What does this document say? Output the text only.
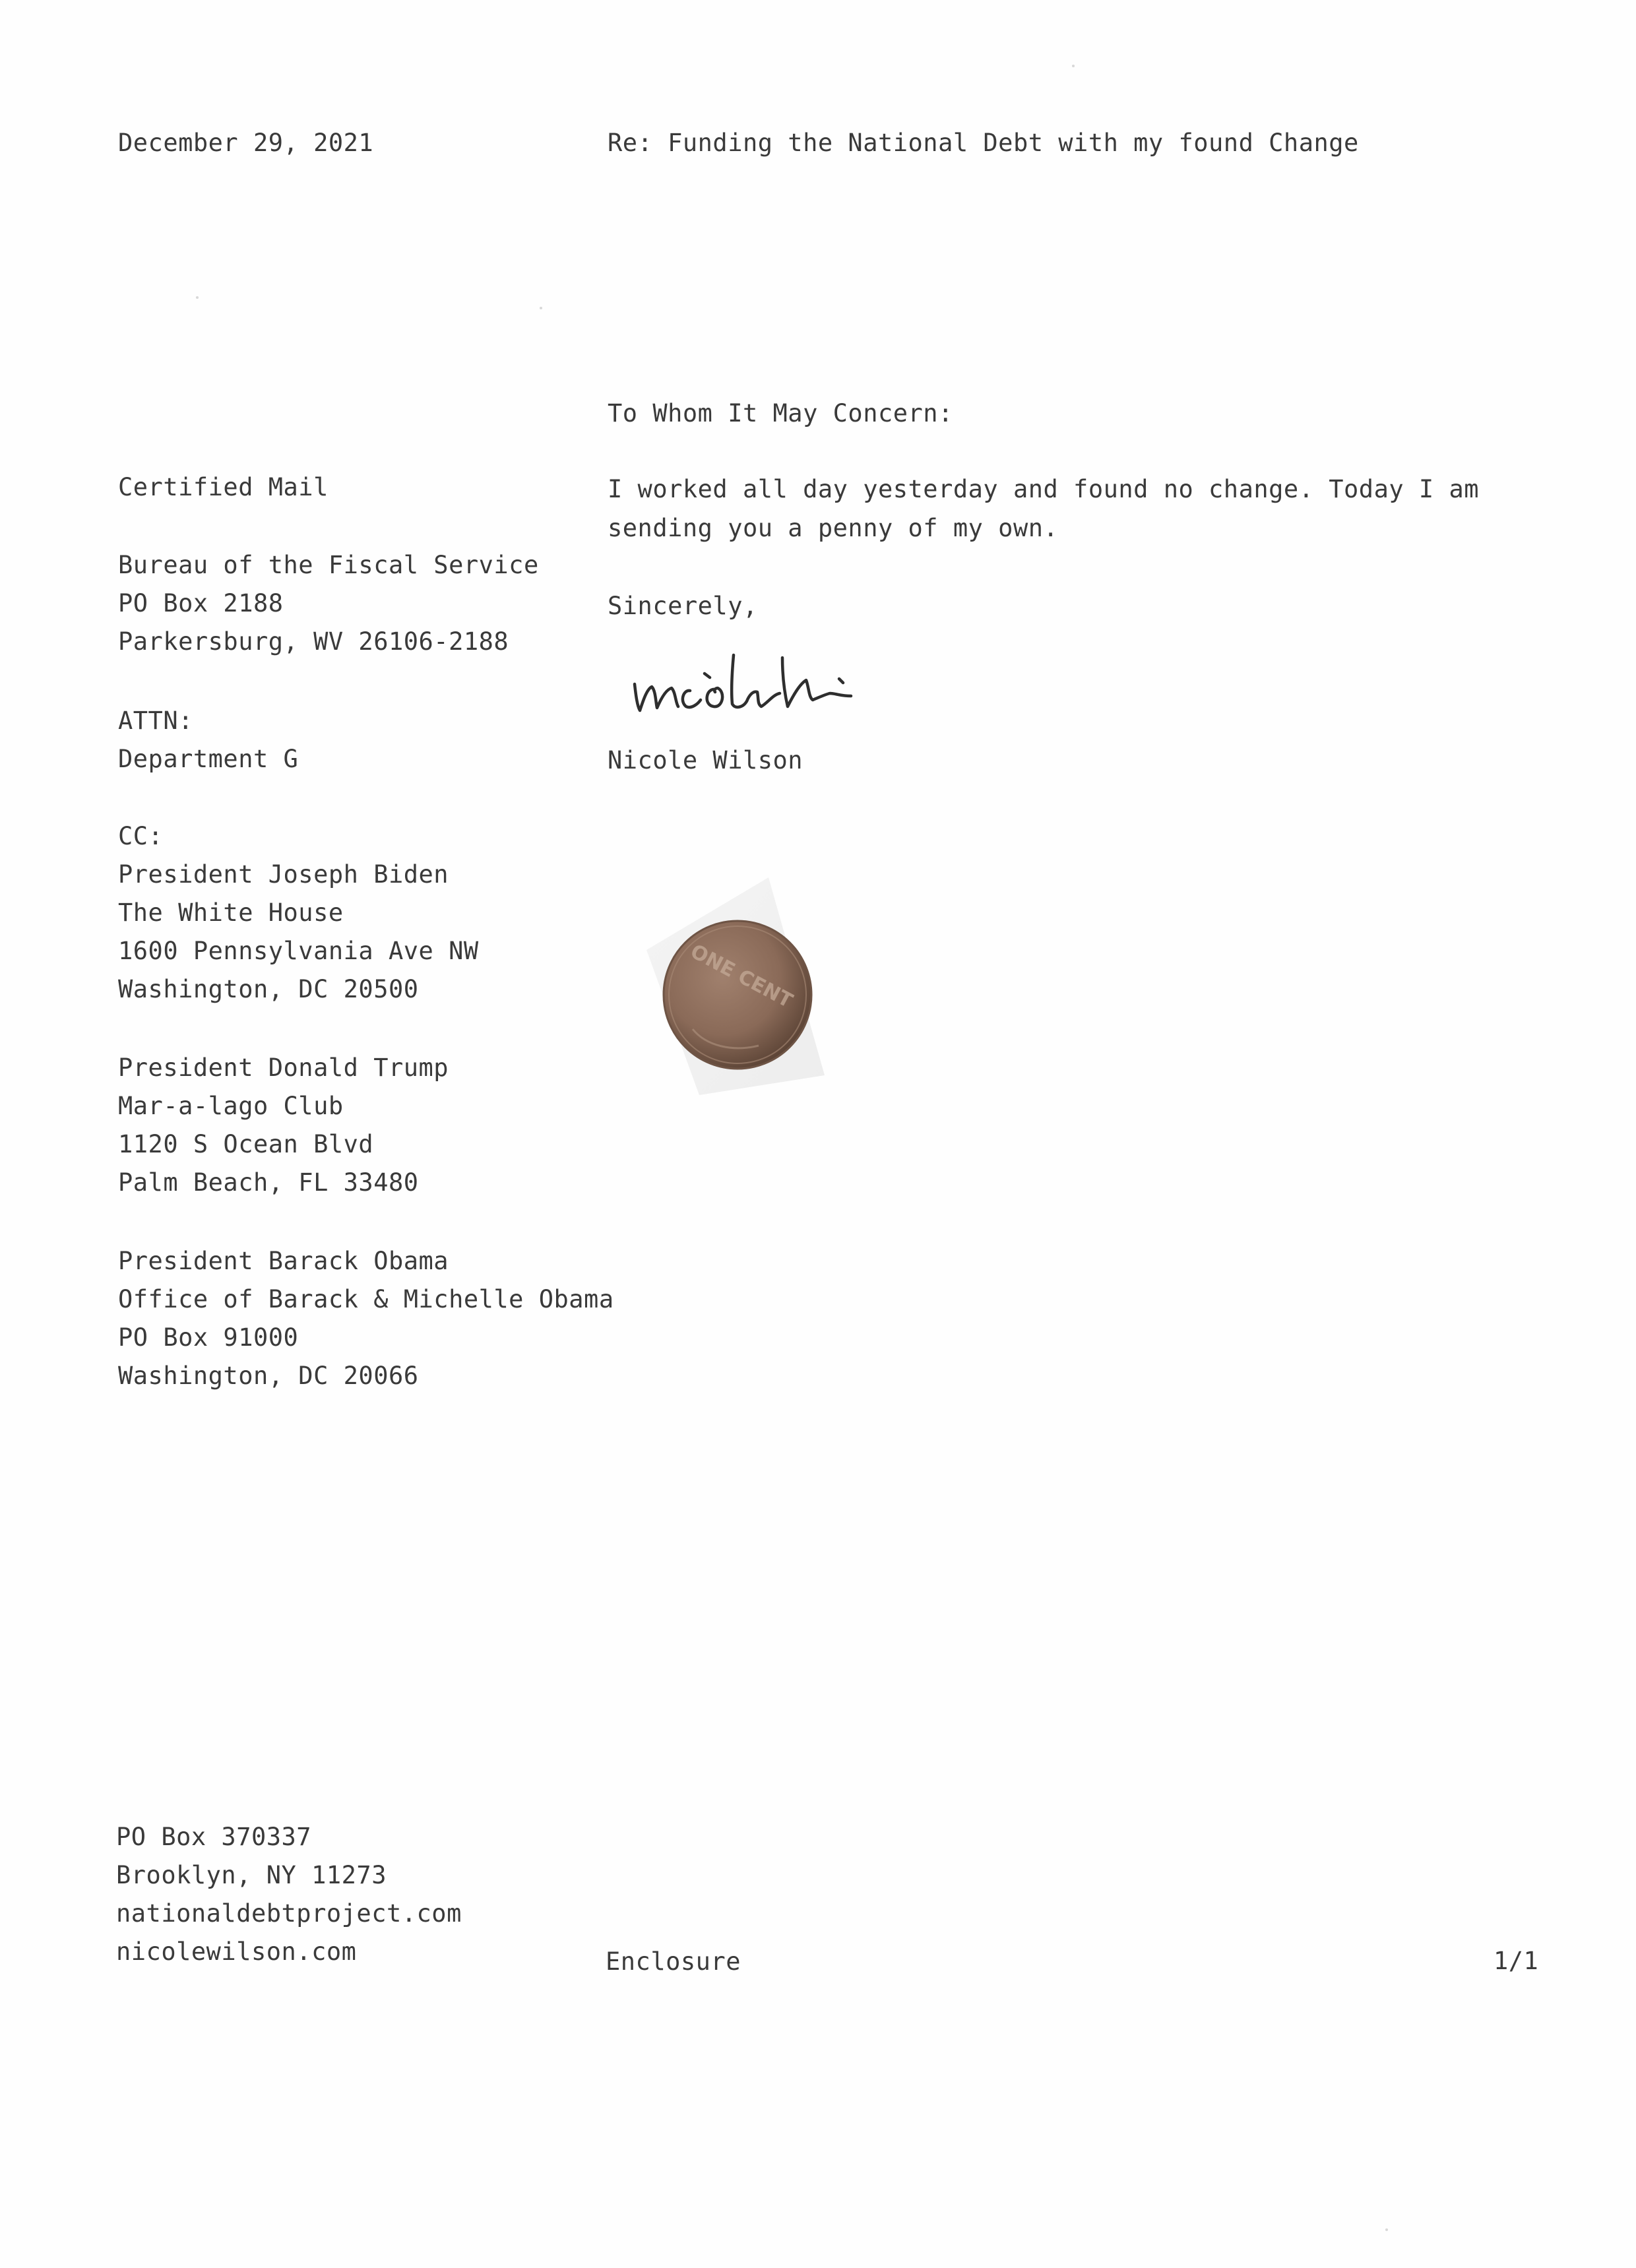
December 29, 2021	Re: Funding the National Debt with my found Change
To Whom It May Concern:
Certified Mail
Bureau of the Fiscal Service
PO Box 2188
Parkersburg, WV 26106-2188
ATTN:
Department G
CC:
President Joseph Biden
The White House
1600 Pennsylvania Ave NW
Washington, DC 20500
President Donald Trump
Mar-a-lago Club
1120 S Ocean Blvd
Palm Beach, FL 33480
President Barack Obama
Office of Barack & Michelle Obama
PO Box 91000
Washington, DC 20066
I worked all day yesterday and found no change. Today I am sending you a penny of my own.
Sincerely,
Nicole Wilson
ONE CENT
PO Box 370337
Brooklyn, NY 11273
nationaldebtproject.com
nicolewilson.com	Enclosure	1/1
